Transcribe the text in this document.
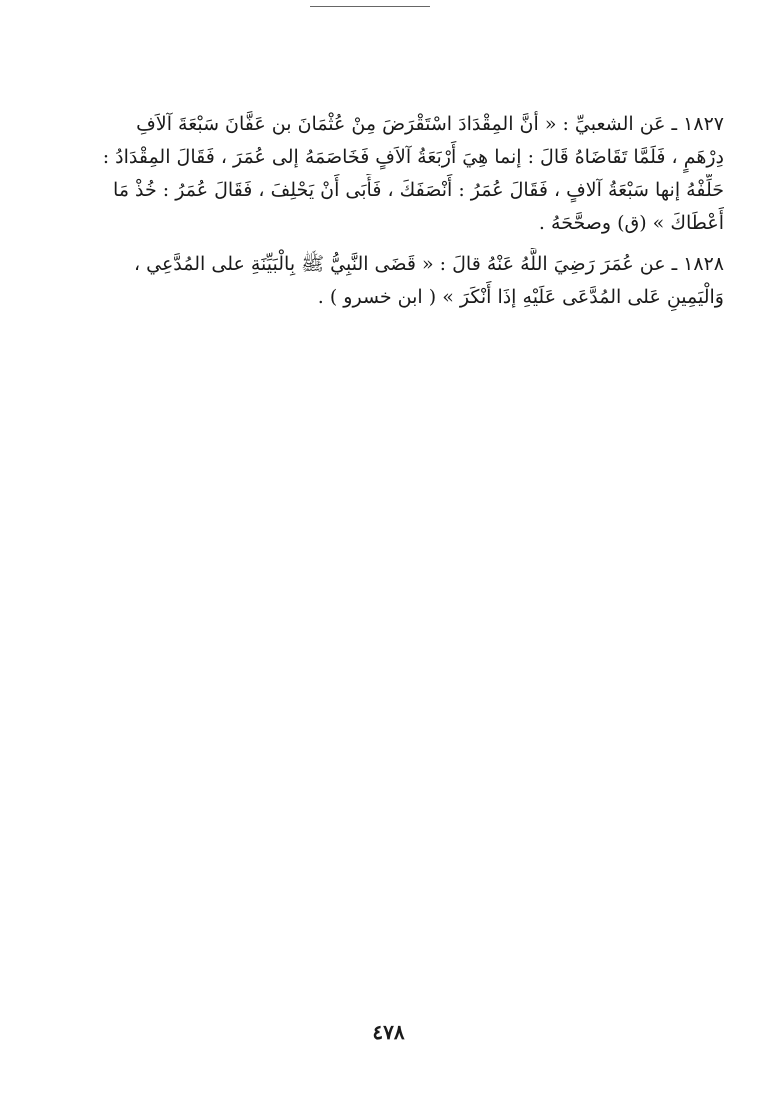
١٨٢٧ ـ عَن الشعبيِّ : « أنَّ المِقْدَادَ اسْتَقْرَضَ مِنْ عُثْمَانَ بن عَفَّانَ سَبْعَةَ آلاَفِ
دِرْهَمٍ ، فَلَمَّا تَقَاضَاهُ قَالَ : إنما هِيَ أَرْبَعَةُ آلاَفٍ فَخَاصَمَهُ إلى عُمَرَ ، فَقَالَ المِقْدَادُ :
حَلِّفْهُ إنها سَبْعَةُ آلافٍ ، فَقَالَ عُمَرُ : أَنْصَفَكَ ، فَأَبَى أَنْ يَحْلِفَ ، فَقَالَ عُمَرُ : خُذْ مَا
أَعْطَاكَ » (ق) وصحَّحَهُ .

١٨٢٨ ـ عن عُمَرَ رَضِيَ اللَّهُ عَنْهُ قالَ : « قَضَى النَّبِيُّ ﷺ بِالْبَيِّنَةِ على المُدَّعِي ،
وَالْيَمِينِ عَلى المُدَّعَى عَلَيْهِ إذَا أَنْكَرَ » ( ابن خسرو ) .

٤٧٨
